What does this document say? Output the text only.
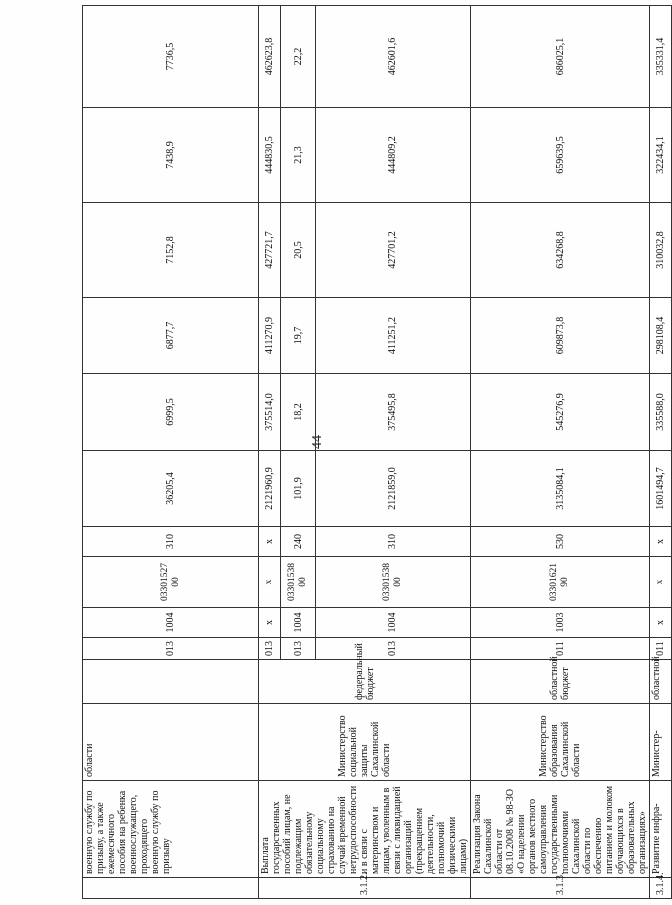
44
	военную службу по призыву, а также ежемесячного пособия на ребенка военнослужащего, проходящего военную службу по призыву	области		013	1004	03301527 00	310	36205,4	6999,5	6877,7	7152,8	7438,9	7736,5
3.1.2.	Выплата государственных пособий лицам, не подлежащим обязательному социальному страхованию на случай временной нетрудоспособности и в связи с материнством и лицам, уволенным в связи с ликвидацией организаций (прекращением деятельности, полномочий физическими лицами)	Министерство социальной защиты Сахалинской области	федеральный бюджет	013	x	x	x	2121960,9	375514,0	411270,9	427721,7	444830,5	462623,8
				013	1004	03301538 00	240	101,9	18,2	19,7	20,5	21,3	22,2
				013	1004	03301538 00	310	2121859,0	375495,8	411251,2	427701,2	444809,2	462601,6
3.1.3.	Реализация Закона Сахалинской области от 08.10.2008 № 98-ЗО «О наделении органов местного самоуправления государственными полномочиями Сахалинской области по обеспечению питанием и молоком обучающихся в образовательных организациях»	Министерство образования Сахалинской области	областной бюджет	011	1003	03301621 90	530	3135084,1	545276,9	609873,8	634268,8	659639,5	686025,1
3.1.4.	Развитие инфра-	Министер-	областной	011	x	x	x	1601494,7	335588,0	298108,4	310032,8	322434,1	335331,4
